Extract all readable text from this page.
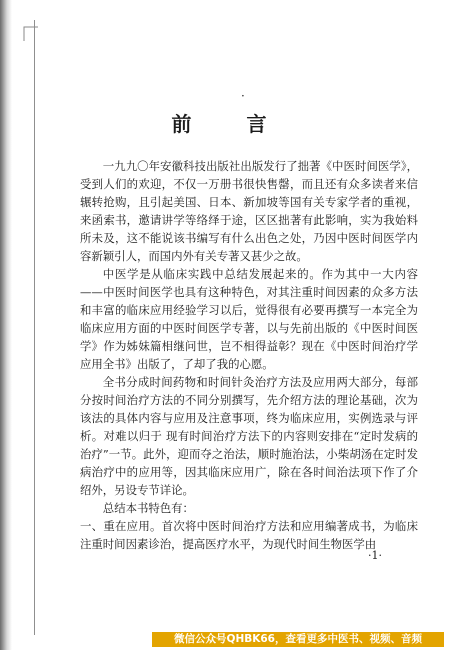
·
前 言

一九九〇年安徽科技出版社出版发行了拙著《中医时间医学》，受到人们的欢迎，不仅一万册书很快售罄，而且还有众多读者来信辗转抢购，且引起美国、日本、新加坡等国有关专家学者的重视，来函索书，邀请讲学等络绎于途，区区拙著有此影响，实为我始料所未及，这不能说该书编写有什么出色之处，乃因中医时间医学内容新颖引人，而国内外有关专著又甚少之故。

中医学是从临床实践中总结发展起来的。作为其中一大内容——中医时间医学也具有这种特色，对其注重时间因素的众多方法和丰富的临床应用经验学习以后，觉得很有必要再撰写一本完全为临床应用方面的中医时间医学专著，以与先前出版的《中医时间医学》作为姊妹篇相继问世，岂不相得益彰？现在《中医时间治疗学应用全书》出版了，了却了我的心愿。

全书分成时间药物和时间针灸治疗方法及应用两大部分，每部分按时间治疗方法的不同分别撰写，先介绍方法的理论基础，次为该法的具体内容与应用及注意事项，终为临床应用，实例选录与评析。对难以归于 现有时间治疗方法下的内容则安排在“定时发病的治疗”一节。此外，迎而夺之治法，顺时施治法，小柴胡汤在定时发病治疗中的应用等，因其临床应用广，除在各时间治法项下作了介绍外，另设专节详论。

总结本书特色有：

一、重在应用。首次将中医时间治疗方法和应用编著成书，为临床注重时间因素诊治，提高医疗水平，为现代时间生物医学由

·1·
微信公众号QHBK66，查看更多中医书、视频、音频
